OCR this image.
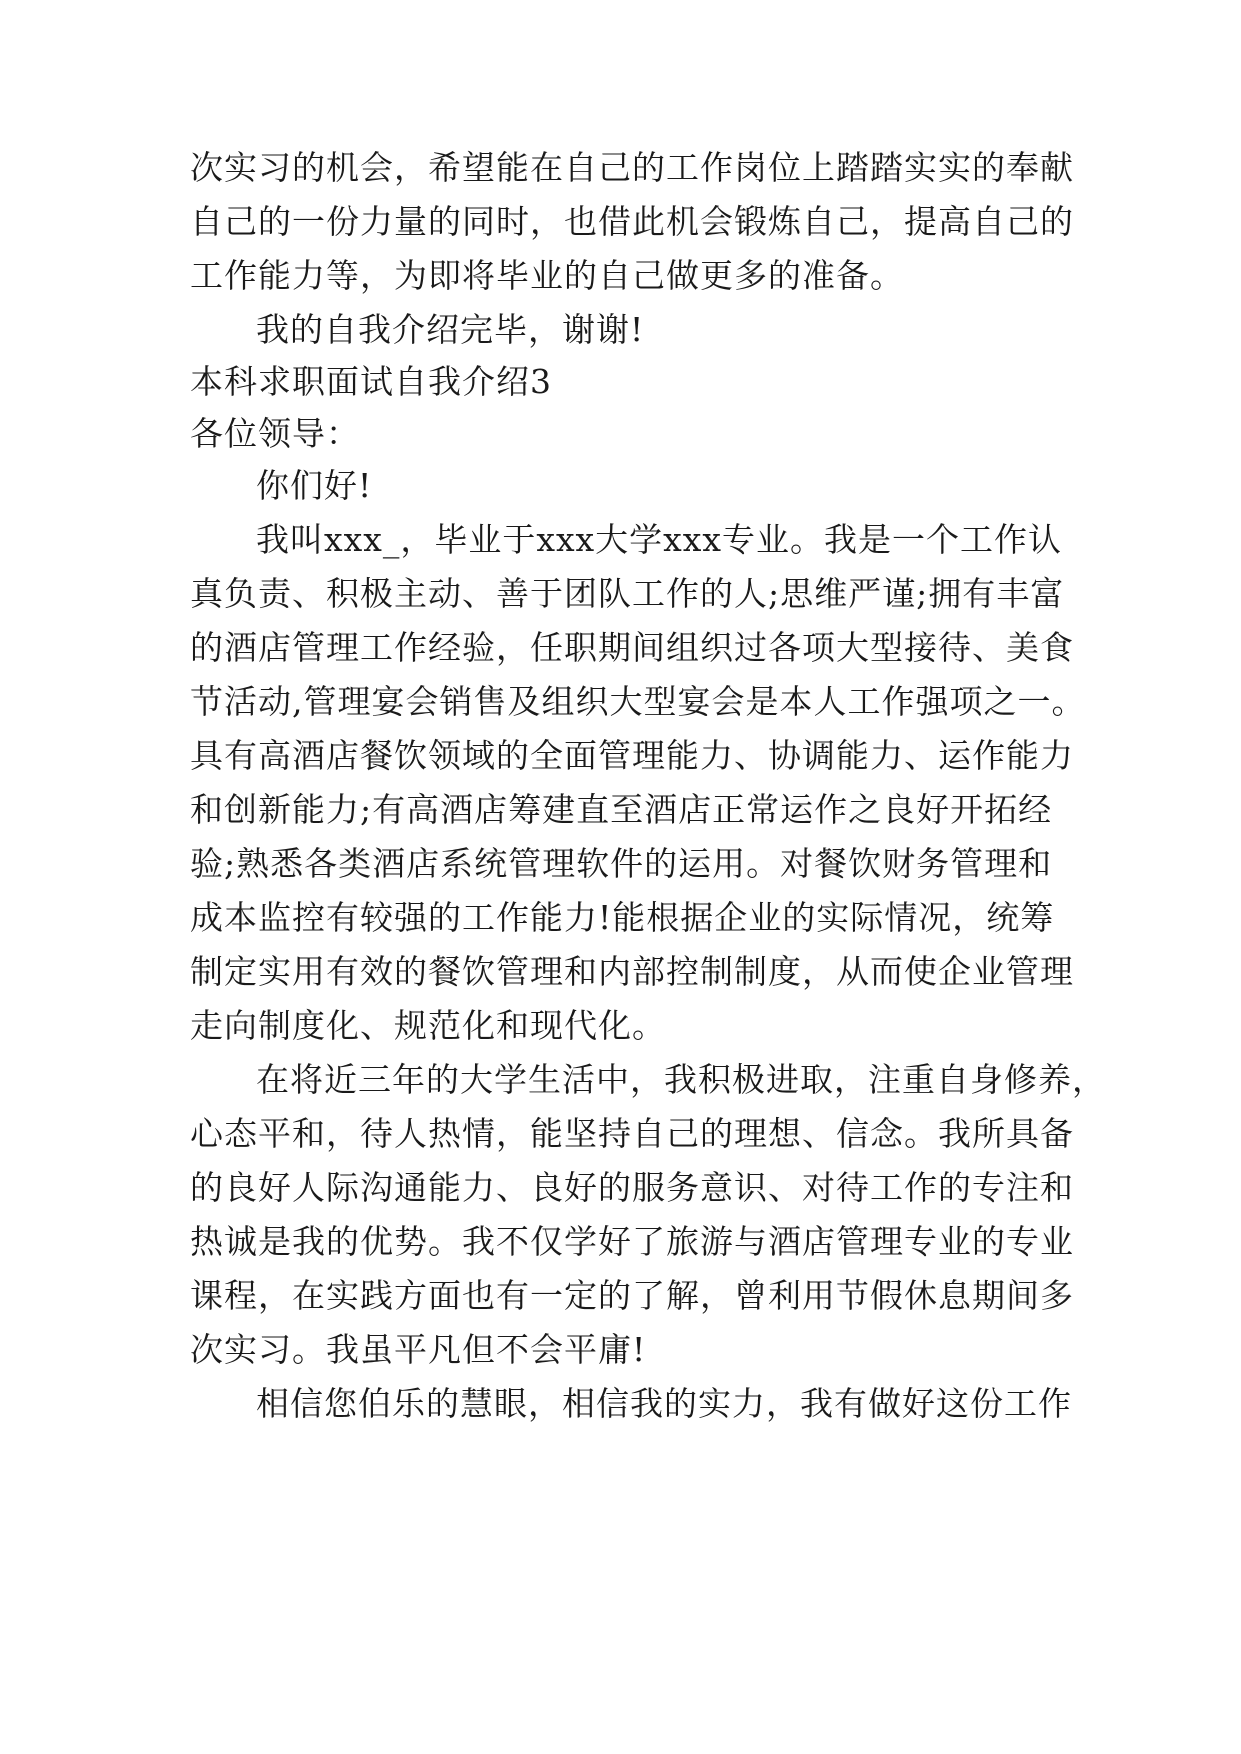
次实习的机会，希望能在自己的工作岗位上踏踏实实的奉献
自己的一份力量的同时，也借此机会锻炼自己，提高自己的
工作能力等，为即将毕业的自己做更多的准备。
我的自我介绍完毕，谢谢!
本科求职面试自我介绍3
各位领导：
你们好!
我叫xxx_，毕业于xxx大学xxx专业。我是一个工作认
真负责、积极主动、善于团队工作的人;思维严谨;拥有丰富
的酒店管理工作经验，任职期间组织过各项大型接待、美食
节活动,管理宴会销售及组织大型宴会是本人工作强项之一。
具有高酒店餐饮领域的全面管理能力、协调能力、运作能力
和创新能力;有高酒店筹建直至酒店正常运作之良好开拓经
验;熟悉各类酒店系统管理软件的运用。对餐饮财务管理和
成本监控有较强的工作能力!能根据企业的实际情况，统筹
制定实用有效的餐饮管理和内部控制制度，从而使企业管理
走向制度化、规范化和现代化。
在将近三年的大学生活中，我积极进取，注重自身修养，
心态平和，待人热情，能坚持自己的理想、信念。我所具备
的良好人际沟通能力、良好的服务意识、对待工作的专注和
热诚是我的优势。我不仅学好了旅游与酒店管理专业的专业
课程，在实践方面也有一定的了解，曾利用节假休息期间多
次实习。我虽平凡但不会平庸!
相信您伯乐的慧眼，相信我的实力，我有做好这份工作
